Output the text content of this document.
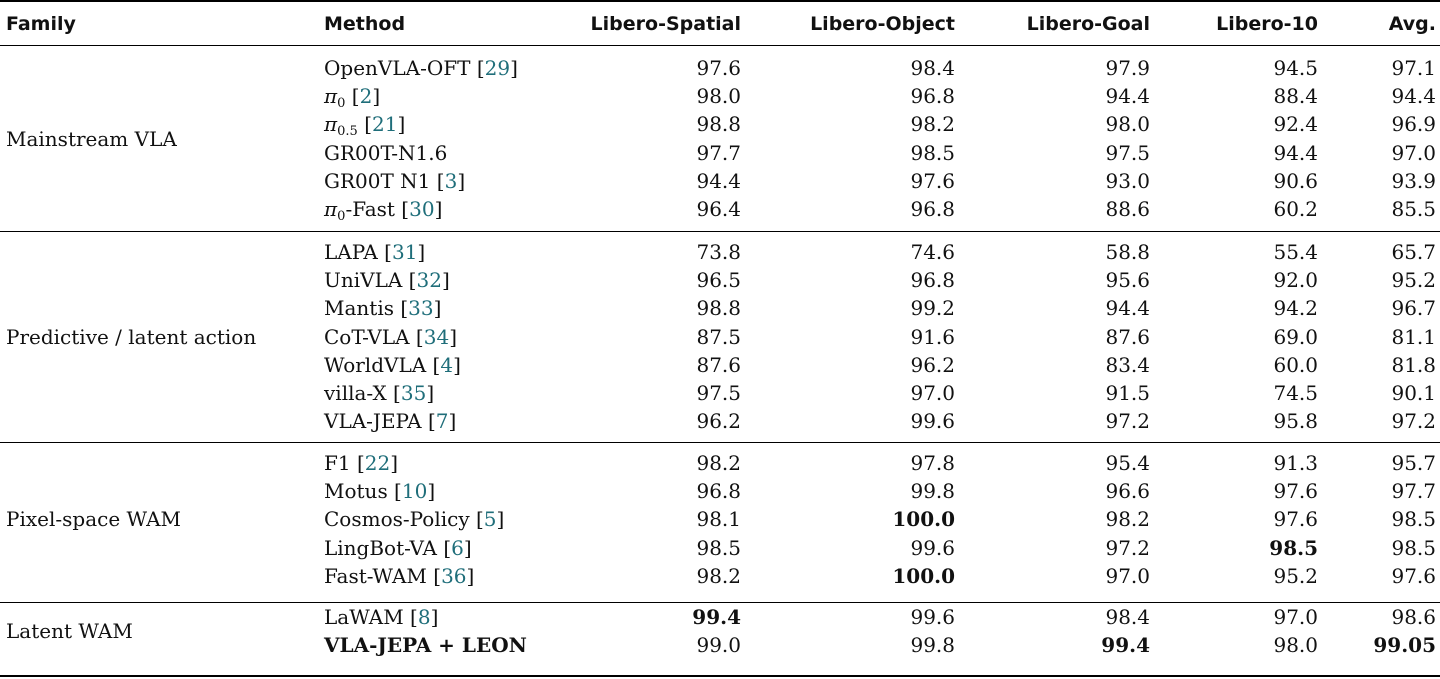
Family	Method	Libero-Spatial	Libero-Object	Libero-Goal	Libero-10	Avg.
Mainstream VLA
OpenVLA-OFT [29]	97.6	98.4	97.9	94.5	97.1
$\pi_0$ [2]	98.0	96.8	94.4	88.4	94.4
$\pi_{0.5}$ [21]	98.8	98.2	98.0	92.4	96.9
GR00T-N1.6	97.7	98.5	97.5	94.4	97.0
GR00T N1 [3]	94.4	97.6	93.0	90.6	93.9
$\pi_0$-Fast [30]	96.4	96.8	88.6	60.2	85.5
Predictive / latent action
LAPA [31]	73.8	74.6	58.8	55.4	65.7
UniVLA [32]	96.5	96.8	95.6	92.0	95.2
Mantis [33]	98.8	99.2	94.4	94.2	96.7
CoT-VLA [34]	87.5	91.6	87.6	69.0	81.1
WorldVLA [4]	87.6	96.2	83.4	60.0	81.8
villa-X [35]	97.5	97.0	91.5	74.5	90.1
VLA-JEPA [7]	96.2	99.6	97.2	95.8	97.2
Pixel-space WAM
F1 [22]	98.2	97.8	95.4	91.3	95.7
Motus [10]	96.8	99.8	96.6	97.6	97.7
Cosmos-Policy [5]	98.1	100.0	98.2	97.6	98.5
LingBot-VA [6]	98.5	99.6	97.2	98.5	98.5
Fast-WAM [36]	98.2	100.0	97.0	95.2	97.6
Latent WAM
LaWAM [8]	99.4	99.6	98.4	97.0	98.6
VLA-JEPA + LEON	99.0	99.8	99.4	98.0	99.05
